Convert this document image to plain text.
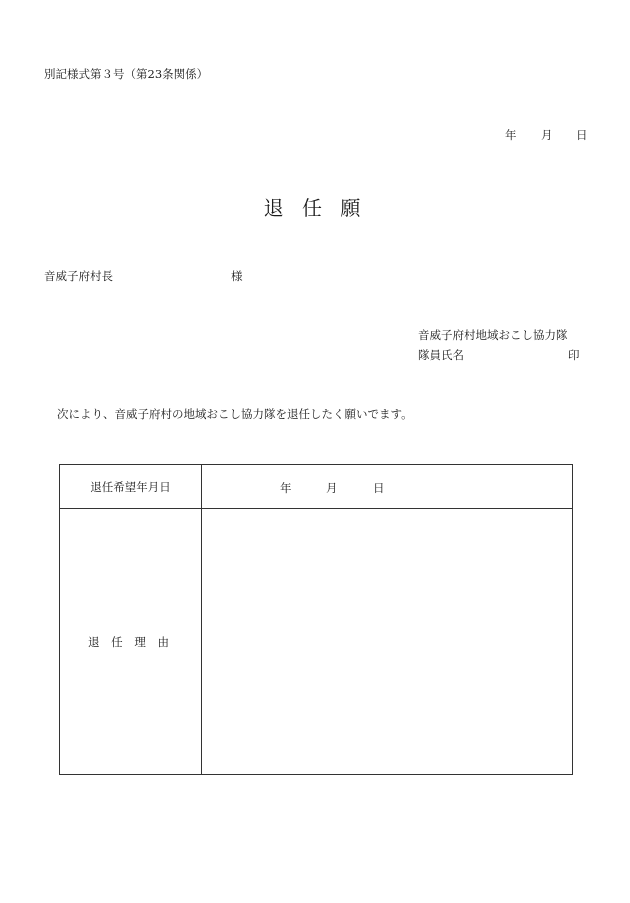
別記様式第３号（第23条関係）
年 月 日
退 任 願
音威子府村長	様
音威子府村地域おこし協力隊
隊員氏名	印
次により、音威子府村の地域おこし協力隊を退任したく願いでます。
退任希望年月日	年	月	日
退 任 理 由
